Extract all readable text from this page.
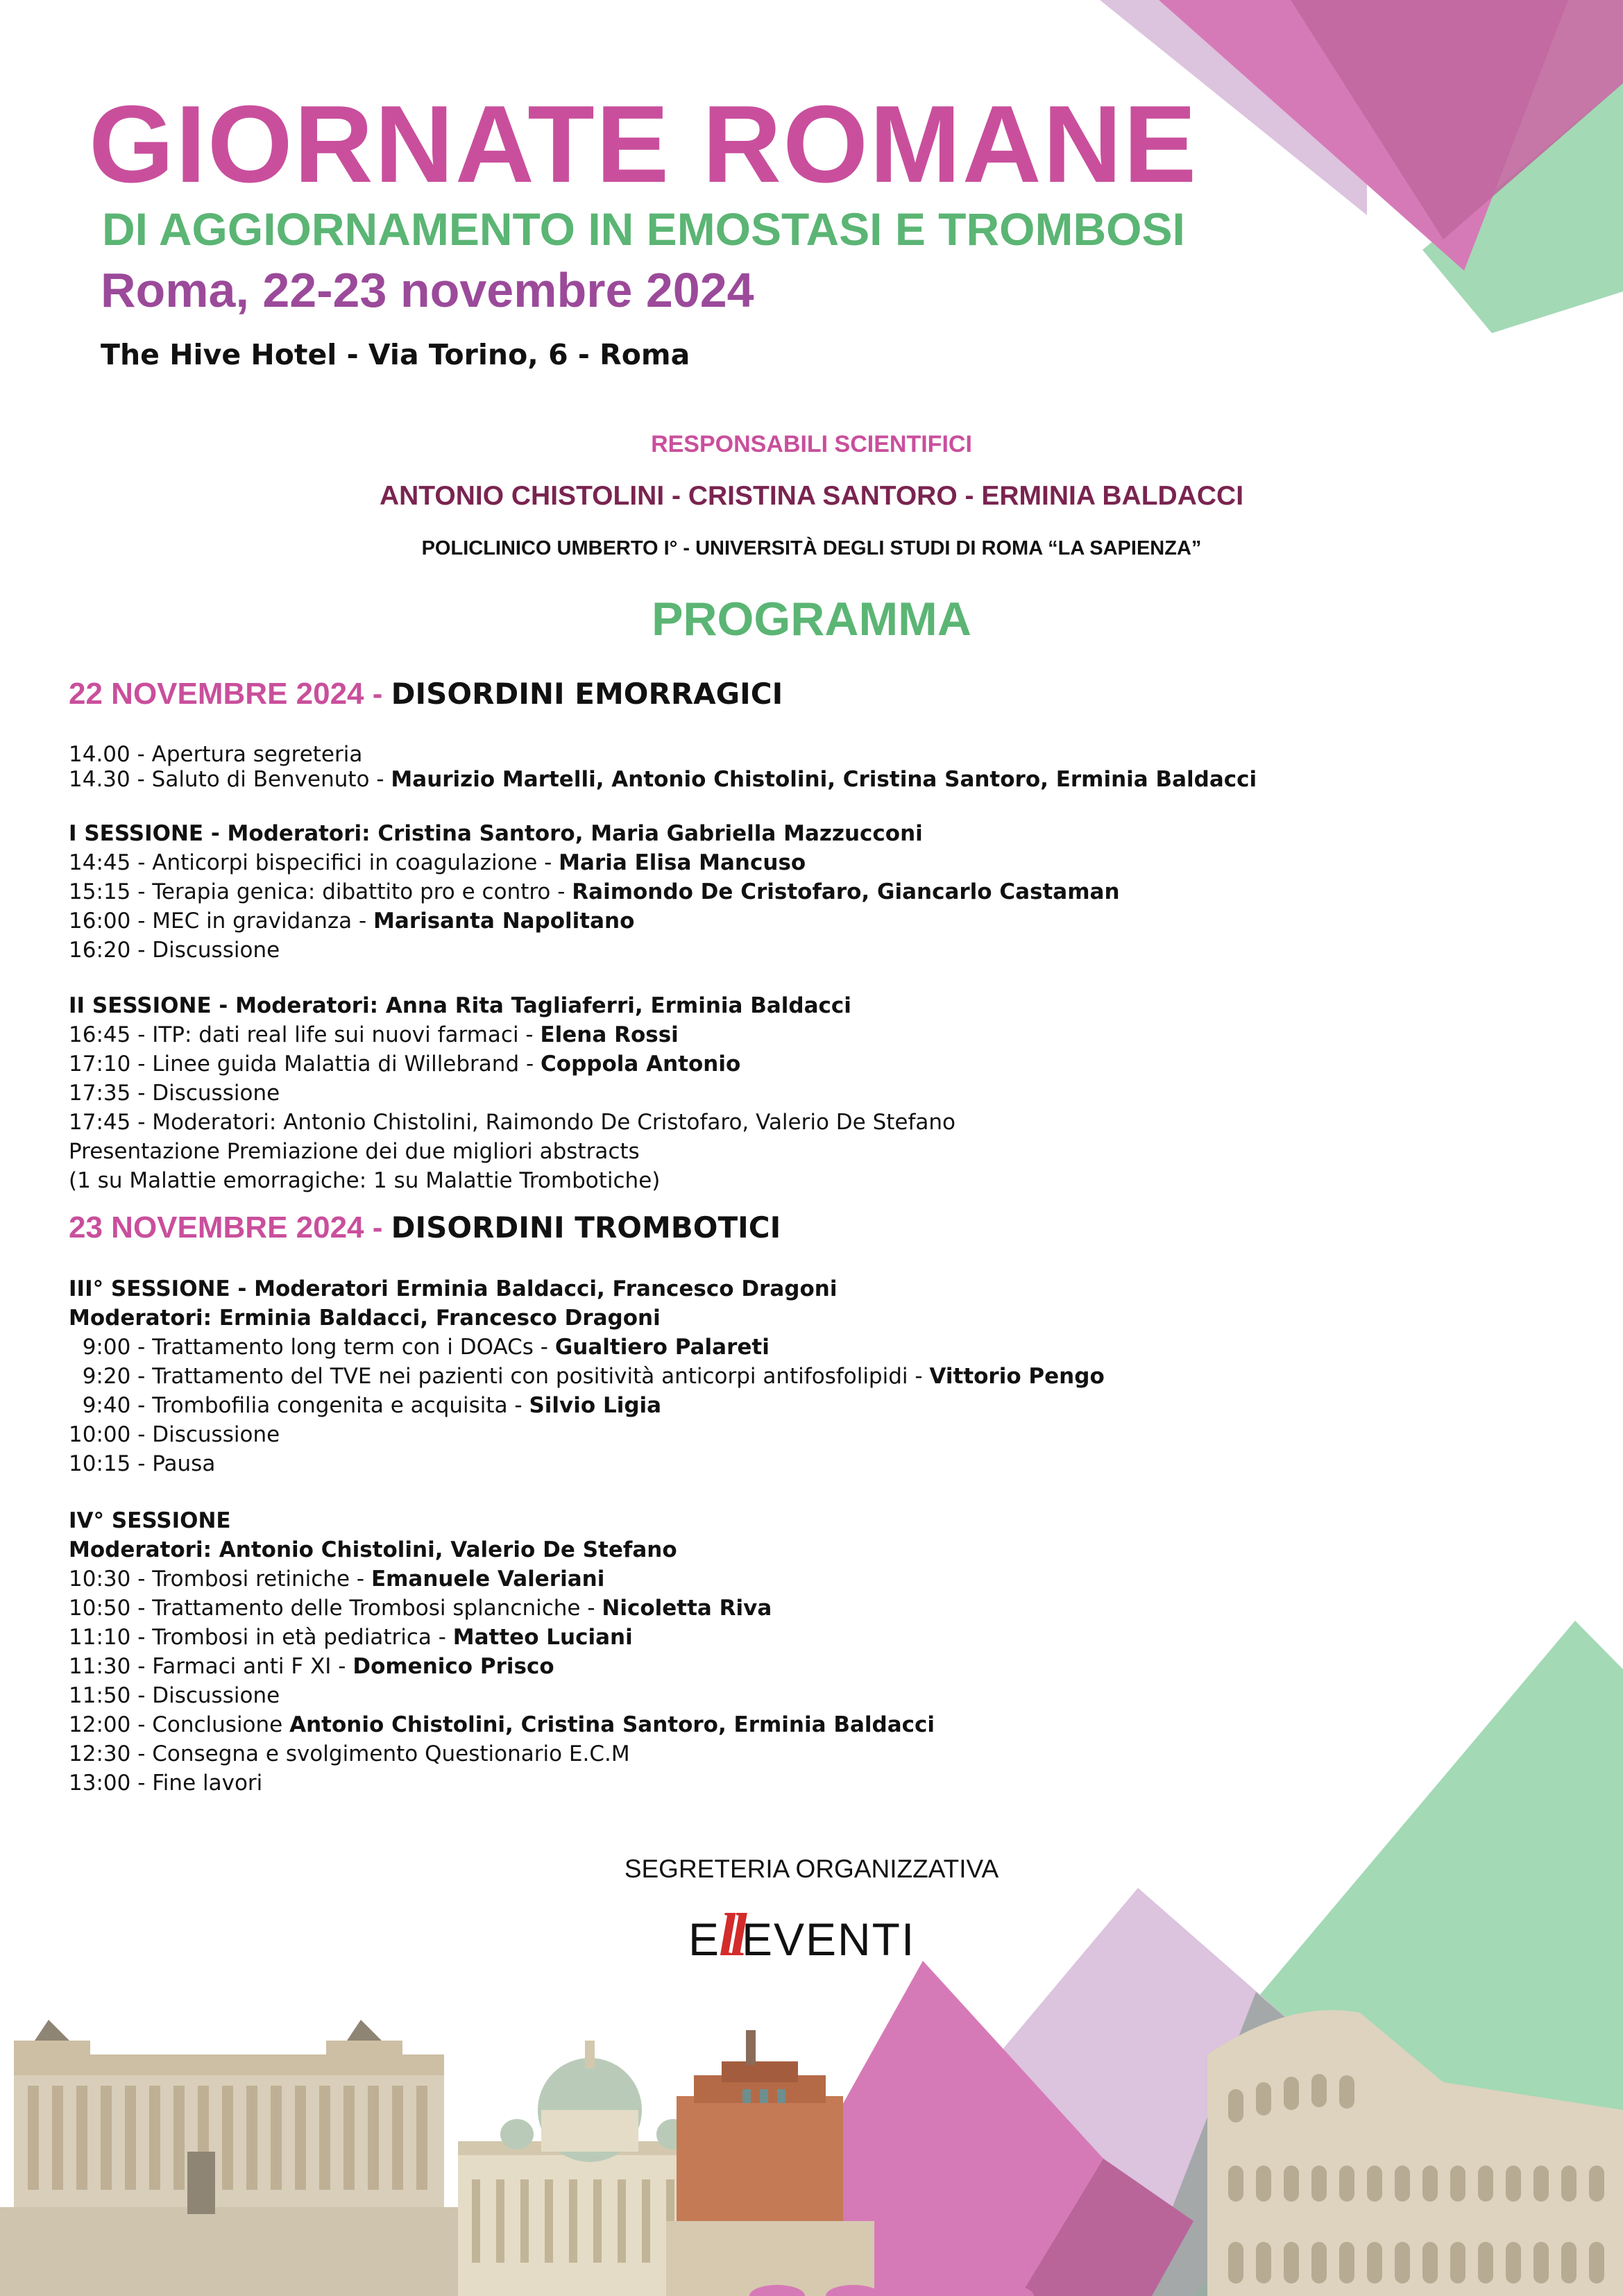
GIORNATE ROMANE
DI AGGIORNAMENTO IN EMOSTASI E TROMBOSI
Roma, 22-23 novembre 2024
The Hive Hotel - Via Torino, 6 - Roma
RESPONSABILI SCIENTIFICI
ANTONIO CHISTOLINI - CRISTINA SANTORO - ERMINIA BALDACCI
POLICLINICO UMBERTO I° - UNIVERSITÀ DEGLI STUDI DI ROMA “LA SAPIENZA”
PROGRAMMA
22 NOVEMBRE 2024 - DISORDINI EMORRAGICI
14.00 - Apertura segreteria
14.30 - Saluto di Benvenuto - Maurizio Martelli, Antonio Chistolini, Cristina Santoro, Erminia Baldacci
I SESSIONE - Moderatori: Cristina Santoro, Maria Gabriella Mazzucconi
14:45 - Anticorpi bispecifici in coagulazione - Maria Elisa Mancuso
15:15 - Terapia genica: dibattito pro e contro - Raimondo De Cristofaro, Giancarlo Castaman
16:00 - MEC in gravidanza - Marisanta Napolitano
16:20 - Discussione
II SESSIONE - Moderatori: Anna Rita Tagliaferri, Erminia Baldacci
16:45 - ITP: dati real life sui nuovi farmaci - Elena Rossi
17:10 - Linee guida Malattia di Willebrand - Coppola Antonio
17:35 - Discussione
17:45 - Moderatori: Antonio Chistolini, Raimondo De Cristofaro, Valerio De Stefano
Presentazione Premiazione dei due migliori abstracts
(1 su Malattie emorragiche: 1 su Malattie Trombotiche)
23 NOVEMBRE 2024 - DISORDINI TROMBOTICI
III° SESSIONE - Moderatori Erminia Baldacci, Francesco Dragoni
Moderatori: Erminia Baldacci, Francesco Dragoni
9:00 - Trattamento long term con i DOACs - Gualtiero Palareti
9:20 - Trattamento del TVE nei pazienti con positività anticorpi antifosfolipidi - Vittorio Pengo
9:40 - Trombofilia congenita e acquisita - Silvio Ligia
10:00 - Discussione
10:15 - Pausa
IV° SESSIONE
Moderatori: Antonio Chistolini, Valerio De Stefano
10:30 - Trombosi retiniche - Emanuele Valeriani
10:50 - Trattamento delle Trombosi splancniche - Nicoletta Riva
11:10 - Trombosi in età pediatrica - Matteo Luciani
11:30 - Farmaci anti F XI - Domenico Prisco
11:50 - Discussione
12:00 - Conclusione Antonio Chistolini, Cristina Santoro, Erminia Baldacci
12:30 - Consegna e svolgimento Questionario E.C.M
13:00 - Fine lavori
SEGRETERIA ORGANIZZATIVA
EllEVENTI
